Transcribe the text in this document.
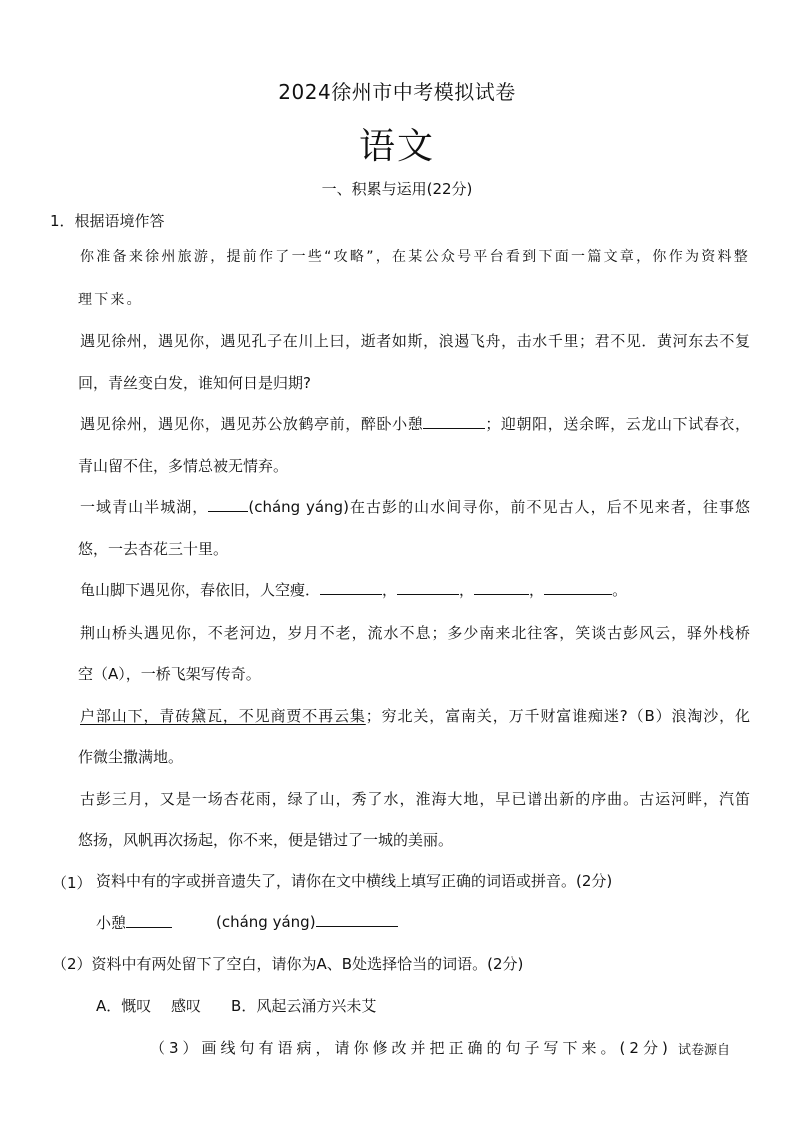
2024徐州市中考模拟试卷
语文
一、积累与运用(22分)
1．根据语境作答
你准备来徐州旅游，提前作了一些“攻略”，在某公众号平台看到下面一篇文章，你作为资料整
理下来。
遇见徐州，遇见你，遇见孔子在川上曰，逝者如斯，浪遏飞舟，击水千里；君不见．黄河东去不复
回，青丝变白发，谁知何日是归期?
遇见徐州，遇见你，遇见苏公放鹤亭前，醉卧小憩	；迎朝阳，送余晖，云龙山下试春衣，
青山留不住，多情总被无情弃。
一域青山半城湖，	(cháng yáng)在古彭的山水间寻你，前不见古人，后不见来者，往事悠
悠，一去杏花三十里。
龟山脚下遇见你，春依旧，人空瘦．	，	，	，	。
荆山桥头遇见你，不老河边，岁月不老，流水不息；多少南来北往客，笑谈古彭风云，驿外栈桥
空（A），一桥飞架写传奇。
户部山下，青砖黛瓦，不见商贾不再云集；穷北关，富南关，万千财富谁痴迷?（B）浪淘沙，化
作微尘撒满地。
古彭三月，又是一场杏花雨，绿了山，秀了水，淮海大地，早已谱出新的序曲。古运河畔，汽笛
悠扬，风帆再次扬起，你不来，便是错过了一城的美丽。
（1） 资料中有的字或拼音遗失了，请你在文中横线上填写正确的词语或拼音。(2分)
小憩	(cháng yáng)
（2）资料中有两处留下了空白，请你为A、B处选择恰当的词语。(2分)
A．慨叹　 感叹　　B．风起云涌方兴未艾
（3）画线句有语病，请你修改并把正确的句子写下来。(2分) 试卷源自
